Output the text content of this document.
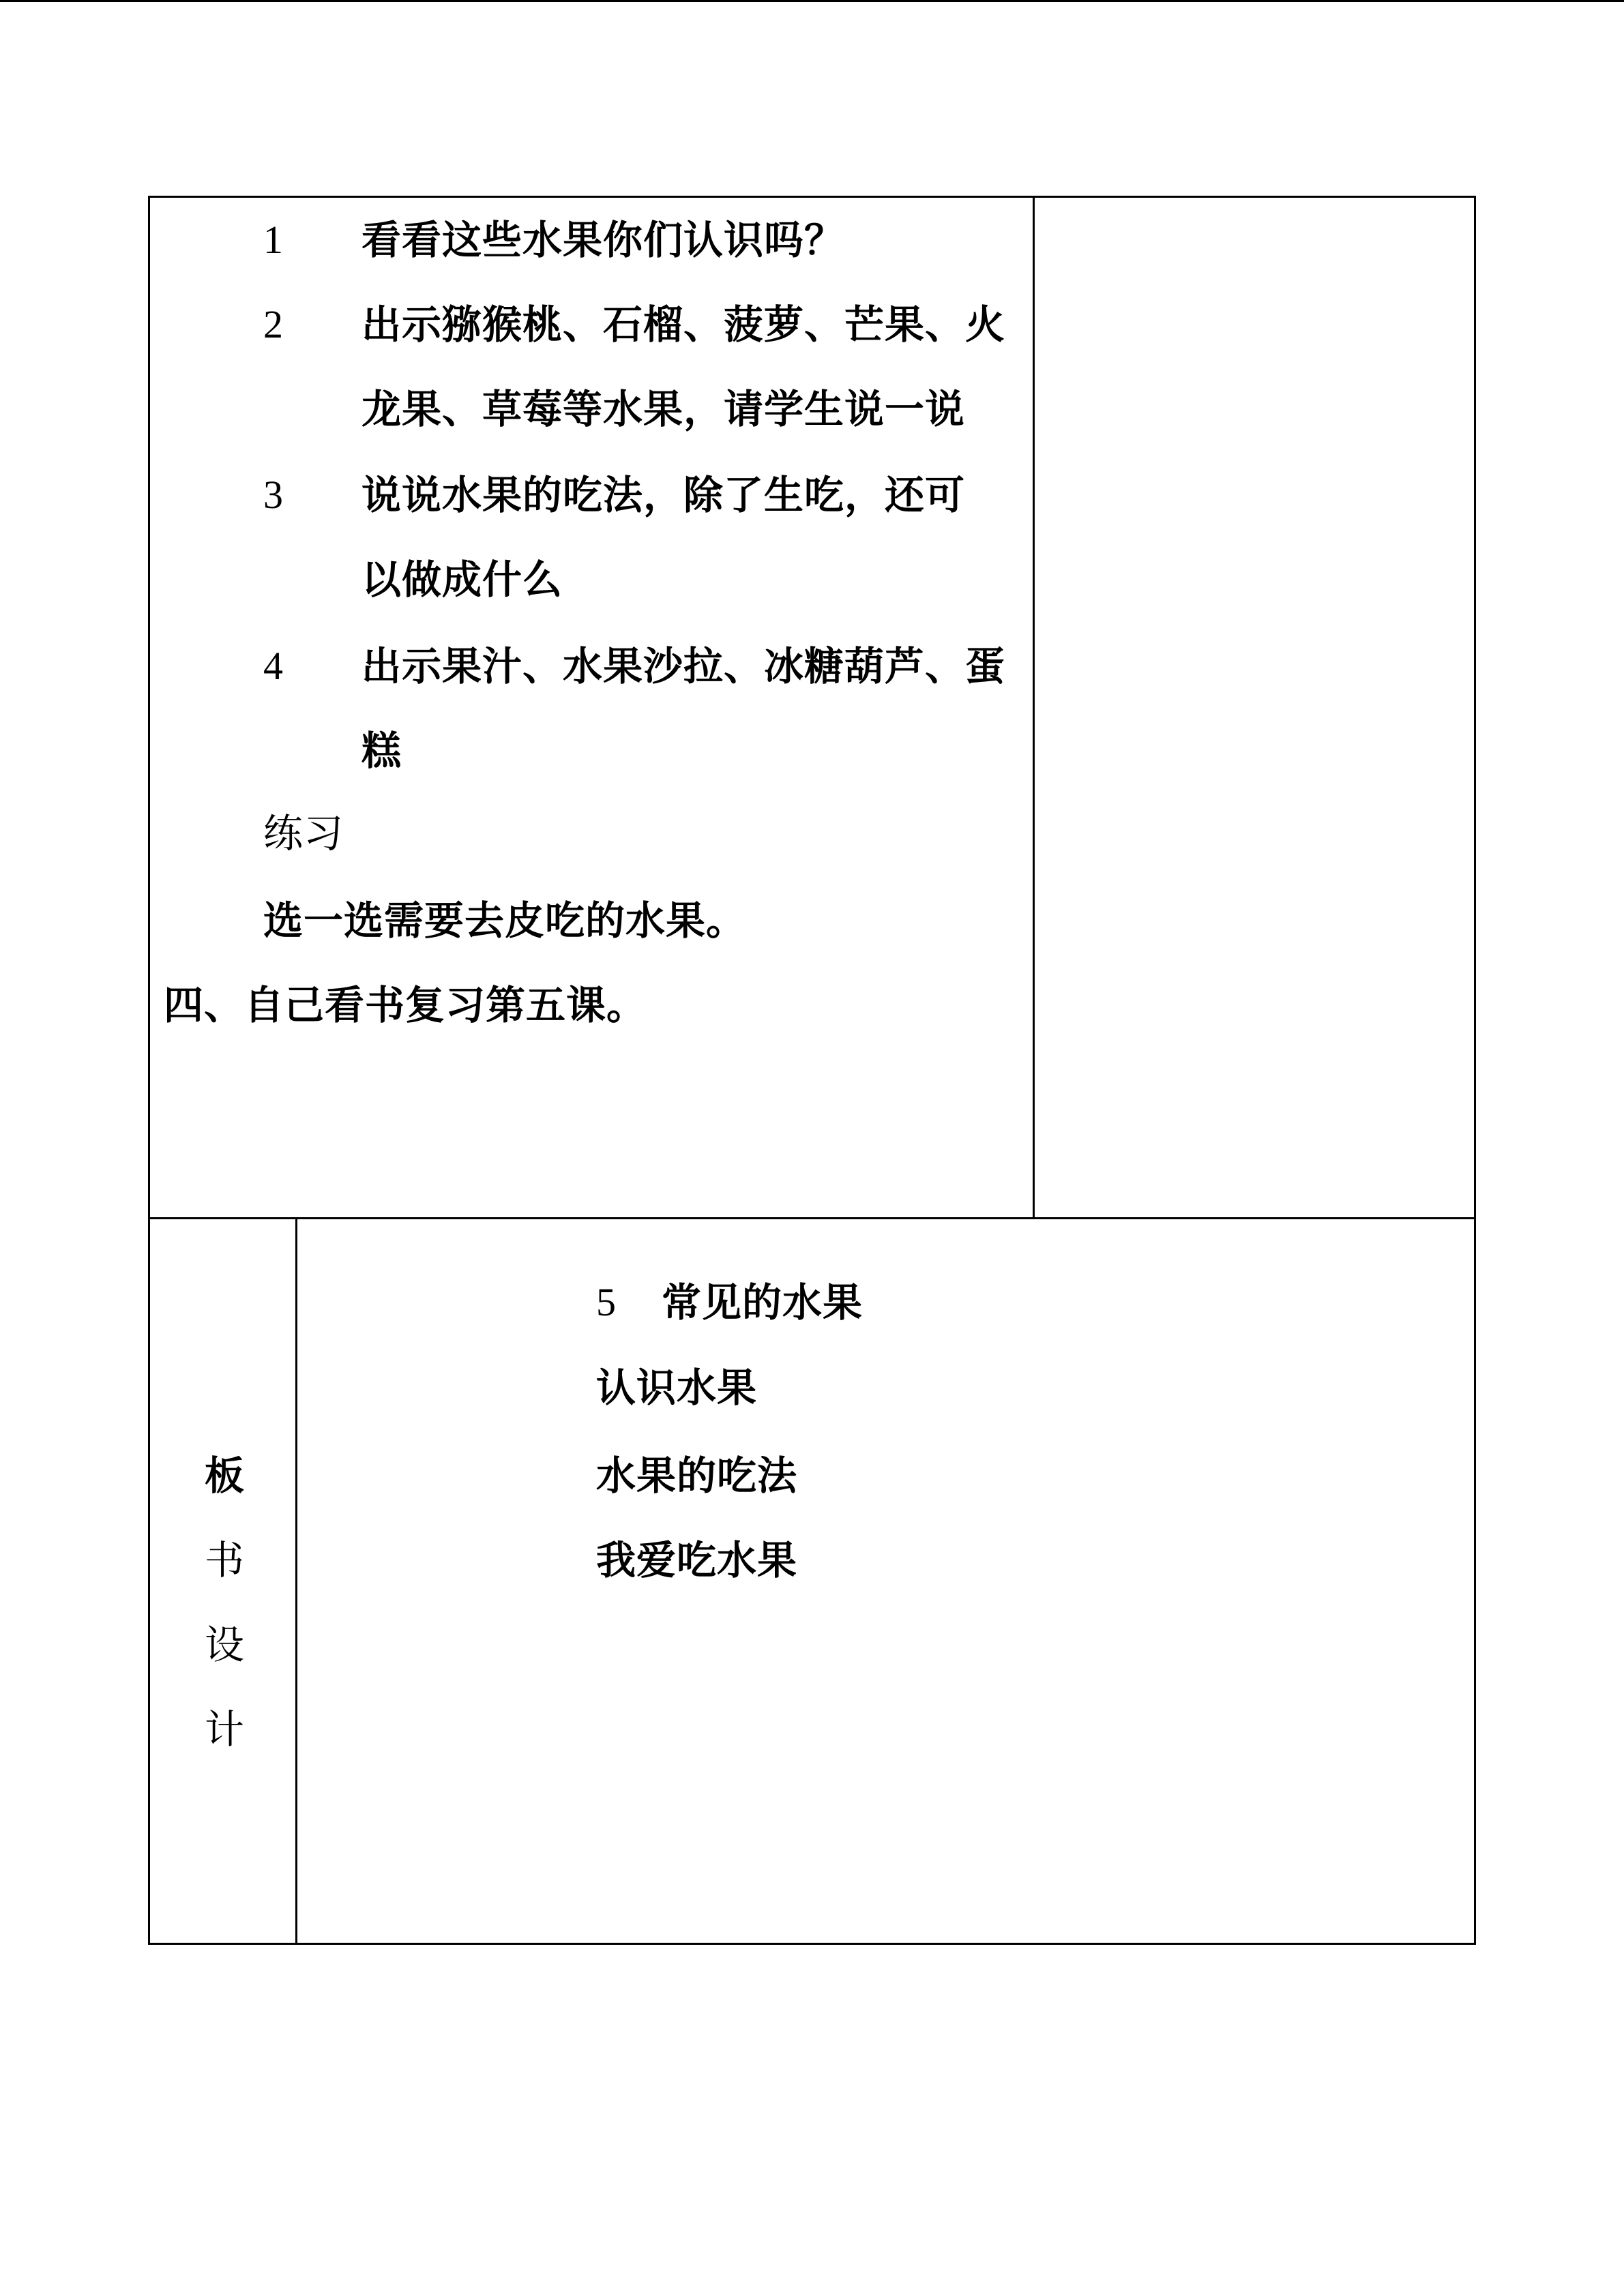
1 看看这些水果你们认识吗？
2 出示猕猴桃、石榴、菠萝、芒果、火
龙果、草莓等水果，请学生说一说
3 说说水果的吃法，除了生吃，还可
以做成什么
4 出示果汁、水果沙拉、冰糖葫芦、蛋
糕
练习
选一选需要去皮吃的水果。
四、自己看书复习第五课。
板
书
设
计
5 常见的水果
认识水果
水果的吃法
我爱吃水果
